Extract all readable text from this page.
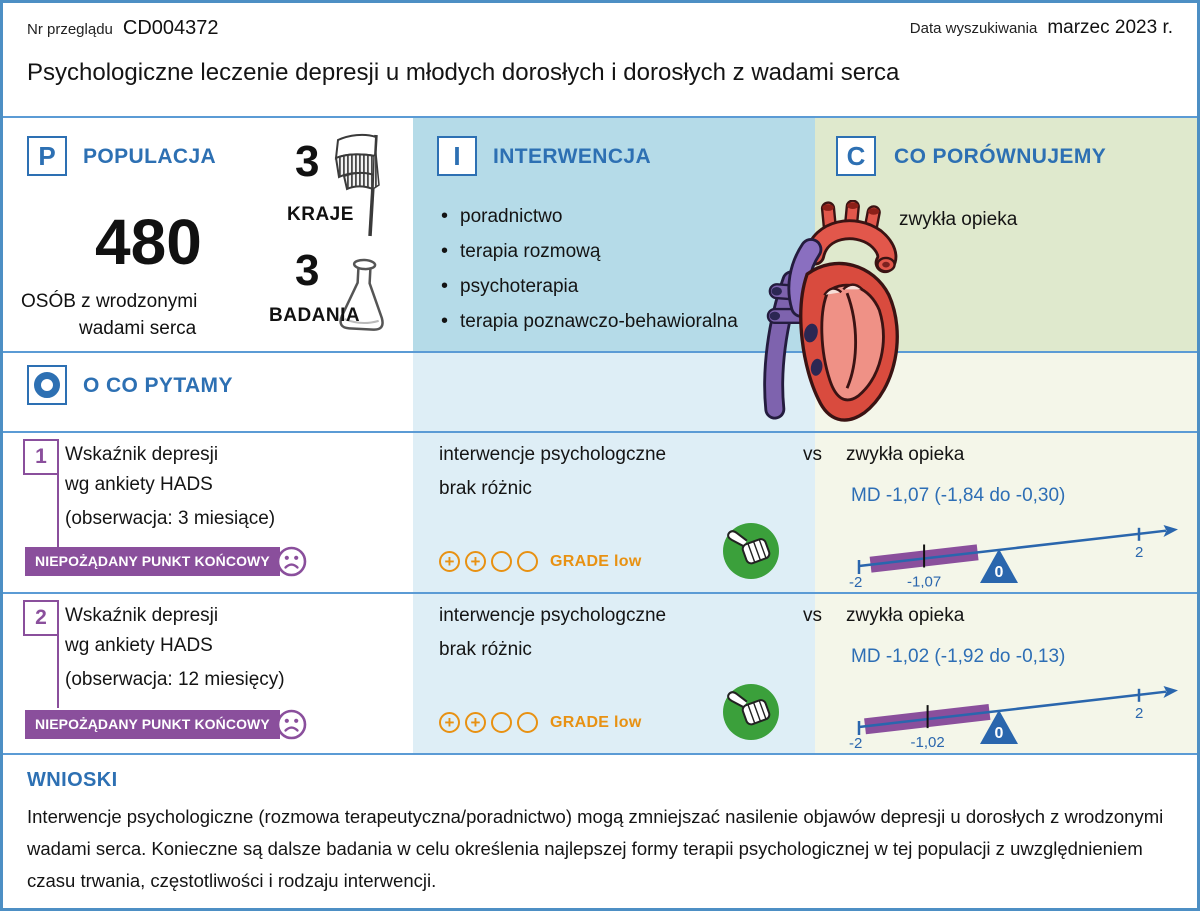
Nr przeglądu CD004372	Data wyszukiwania marzec 2023 r.
Psychologiczne leczenie depresji u młodych dorosłych i dorosłych z wadami serca
P	POPULACJA
480
OSÓB z wrodzonymi
wadami serca
3
KRAJE
3
BADANIA
I	INTERWENCJA
• poradnictwo
• terapia rozmową
• psychoterapia
• terapia poznawczo-behawioralna
C	CO PORÓWNUJEMY
zwykła opieka
O CO PYTAMY
1 Wskaźnik depresji
wg ankiety HADS
(obserwacja: 3 miesiące)
NIEPOŻĄDANY PUNKT KOŃCOWY
interwencje psychologczne	vs zwykła opieka
brak różnic
+ +	GRADE low
MD -1,07 (-1,84 do -0,30)
-2
2
-1,07
0
2 Wskaźnik depresji
wg ankiety HADS
(obserwacja: 12 miesięcy)
NIEPOŻĄDANY PUNKT KOŃCOWY
interwencje psychologczne	vs zwykła opieka
brak różnic
+ +	GRADE low
MD -1,02 (-1,92 do -0,13)
-2
2
-1,02
0
WNIOSKI
Interwencje psychologiczne (rozmowa terapeutyczna/poradnictwo) mogą zmniejszać nasilenie objawów depresji u dorosłych z wrodzonymi wadami serca. Konieczne są dalsze badania w celu określenia najlepszej formy terapii psychologicznej w tej populacji z uwzględnieniem czasu trwania, częstotliwości i rodzaju interwencji.
